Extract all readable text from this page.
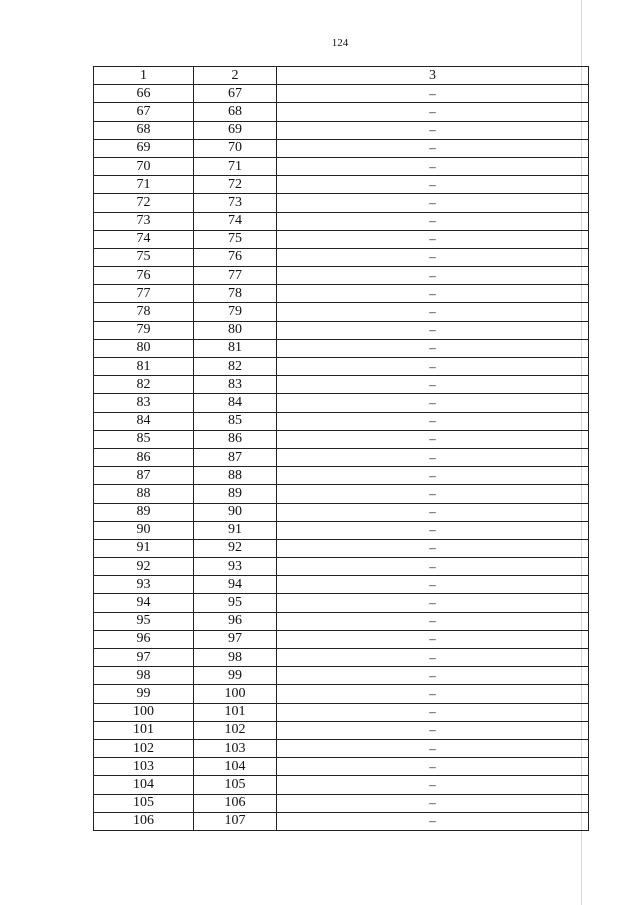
124
1	2	3
66	67	–
67	68	–
68	69	–
69	70	–
70	71	–
71	72	–
72	73	–
73	74	–
74	75	–
75	76	–
76	77	–
77	78	–
78	79	–
79	80	–
80	81	–
81	82	–
82	83	–
83	84	–
84	85	–
85	86	–
86	87	–
87	88	–
88	89	–
89	90	–
90	91	–
91	92	–
92	93	–
93	94	–
94	95	–
95	96	–
96	97	–
97	98	–
98	99	–
99	100	–
100	101	–
101	102	–
102	103	–
103	104	–
104	105	–
105	106	–
106	107	–
